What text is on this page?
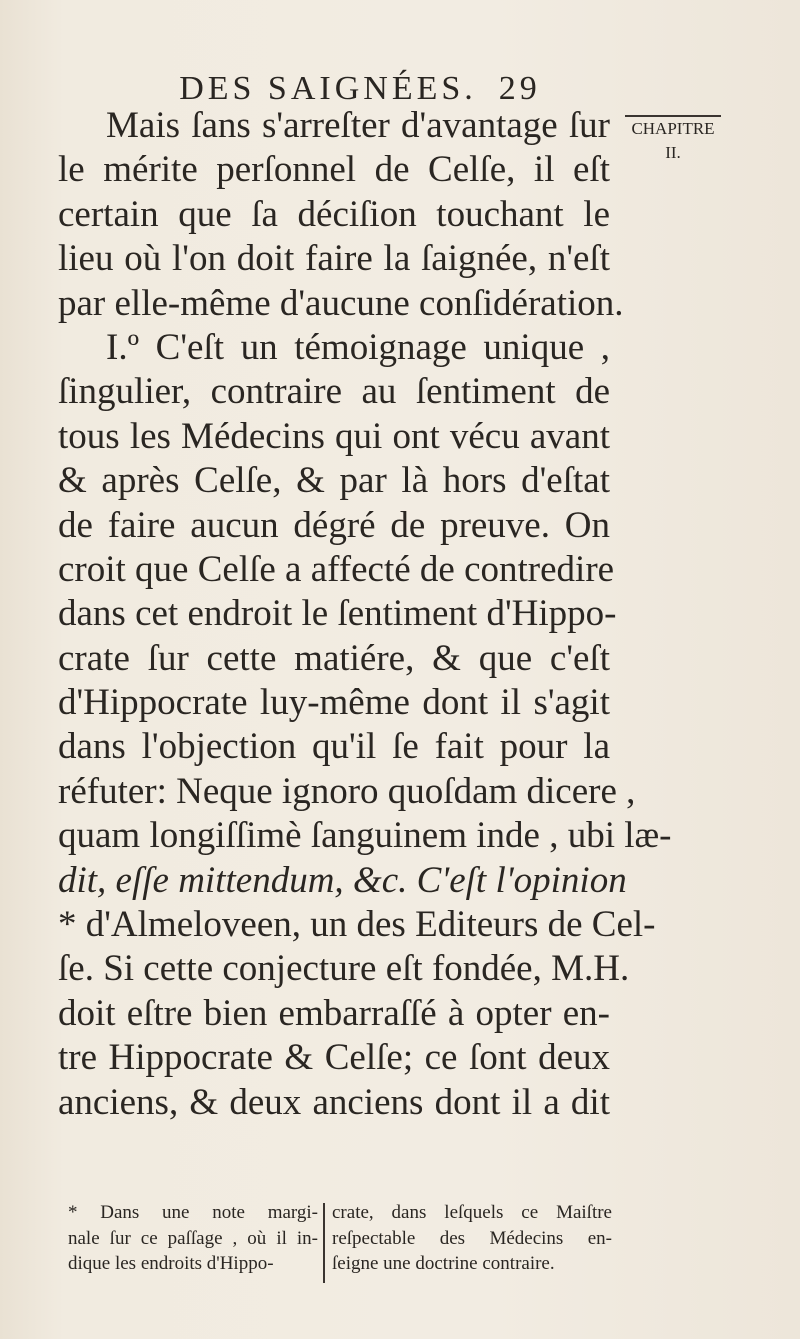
DES SAIGNÉES. 29
CHAPITRE
II.
Mais ſans s'arreſter d'avantage ſur
le mérite perſonnel de Celſe, il eſt
certain que ſa déciſion touchant le
lieu où l'on doit faire la ſaignée, n'eſt
par elle-même d'aucune conſidération.
I.º C'eſt un témoignage unique ,
ſingulier, contraire au ſentiment de
tous les Médecins qui ont vécu avant
& après Celſe, & par là hors d'eſtat
de faire aucun dégré de preuve. On
croit que Celſe a affecté de contredire
dans cet endroit le ſentiment d'Hippo-
crate ſur cette matiére, & que c'eſt
d'Hippocrate luy-même dont il s'agit
dans l'objection qu'il ſe fait pour la
réfuter: Neque ignoro quoſdam dicere ,
quam longiſſimè ſanguinem inde , ubi læ-
dit, eſſe mittendum, &c. C'eſt l'opinion
* d'Almeloveen, un des Editeurs de Cel-
ſe. Si cette conjecture eſt fondée, M.H.
doit eſtre bien embarraſſé à opter en-
tre Hippocrate & Celſe; ce ſont deux
anciens, & deux anciens dont il a dit
* Dans une note margi-
nale ſur ce paſſage , où il in-
dique les endroits d'Hippo-
crate, dans leſquels ce Maiſtre
reſpectable des Médecins en-
ſeigne une doctrine contraire.
